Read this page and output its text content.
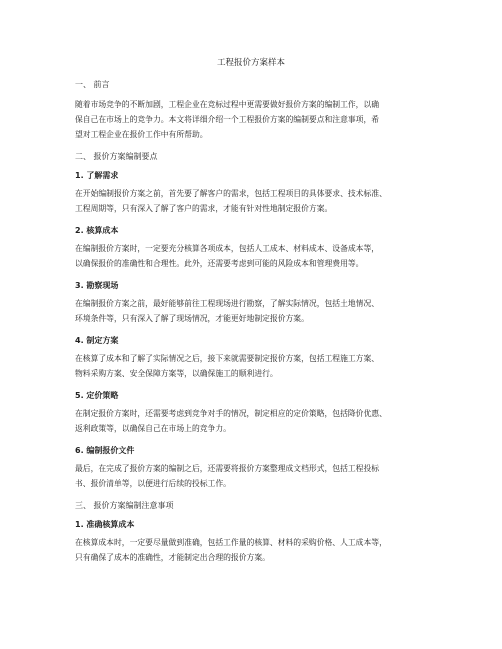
工程报价方案样本
一、 前言
随着市场竞争的不断加剧，工程企业在竞标过程中更需要做好报价方案的编制工作，以确
保自己在市场上的竞争力。本文将详细介绍一个工程报价方案的编制要点和注意事项，希
望对工程企业在报价工作中有所帮助。
二、 报价方案编制要点
1. 了解需求
在开始编制报价方案之前，首先要了解客户的需求，包括工程项目的具体要求、技术标准、
工程周期等，只有深入了解了客户的需求，才能有针对性地制定报价方案。
2. 核算成本
在编制报价方案时，一定要充分核算各项成本，包括人工成本、材料成本、设备成本等，
以确保报价的准确性和合理性。此外，还需要考虑到可能的风险成本和管理费用等。
3. 勘察现场
在编制报价方案之前，最好能够前往工程现场进行勘察，了解实际情况，包括土地情况、
环境条件等，只有深入了解了现场情况，才能更好地制定报价方案。
4. 制定方案
在核算了成本和了解了实际情况之后，接下来就需要制定报价方案，包括工程施工方案、
物料采购方案、安全保障方案等，以确保施工的顺利进行。
5. 定价策略
在制定报价方案时，还需要考虑到竞争对手的情况，制定相应的定价策略，包括降价优惠、
返利政策等，以确保自己在市场上的竞争力。
6. 编制报价文件
最后，在完成了报价方案的编制之后，还需要将报价方案整理成文档形式，包括工程投标
书、报价清单等，以便进行后续的投标工作。
三、 报价方案编制注意事项
1. 准确核算成本
在核算成本时，一定要尽量做到准确，包括工作量的核算、材料的采购价格、人工成本等，
只有确保了成本的准确性，才能制定出合理的报价方案。
